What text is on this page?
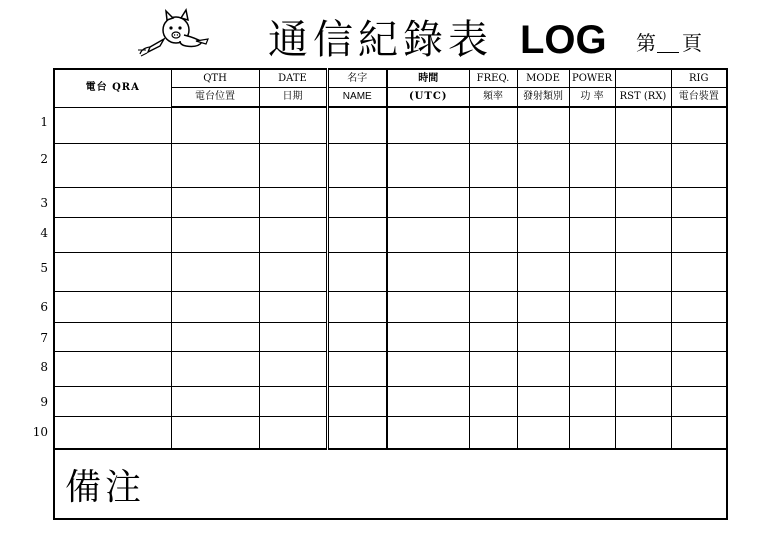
通信紀錄表 LOG 第 頁
電台 QRA	QTH	DATE	名字	時間	FREQ.	MODE	POWER		RIG
	電台位置	日期	NAME	(UTC)	頻率	發射類別	功 率	RST (RX)	電台裝置

備注									
1
2
3
4
5
6
7
8
9
10
